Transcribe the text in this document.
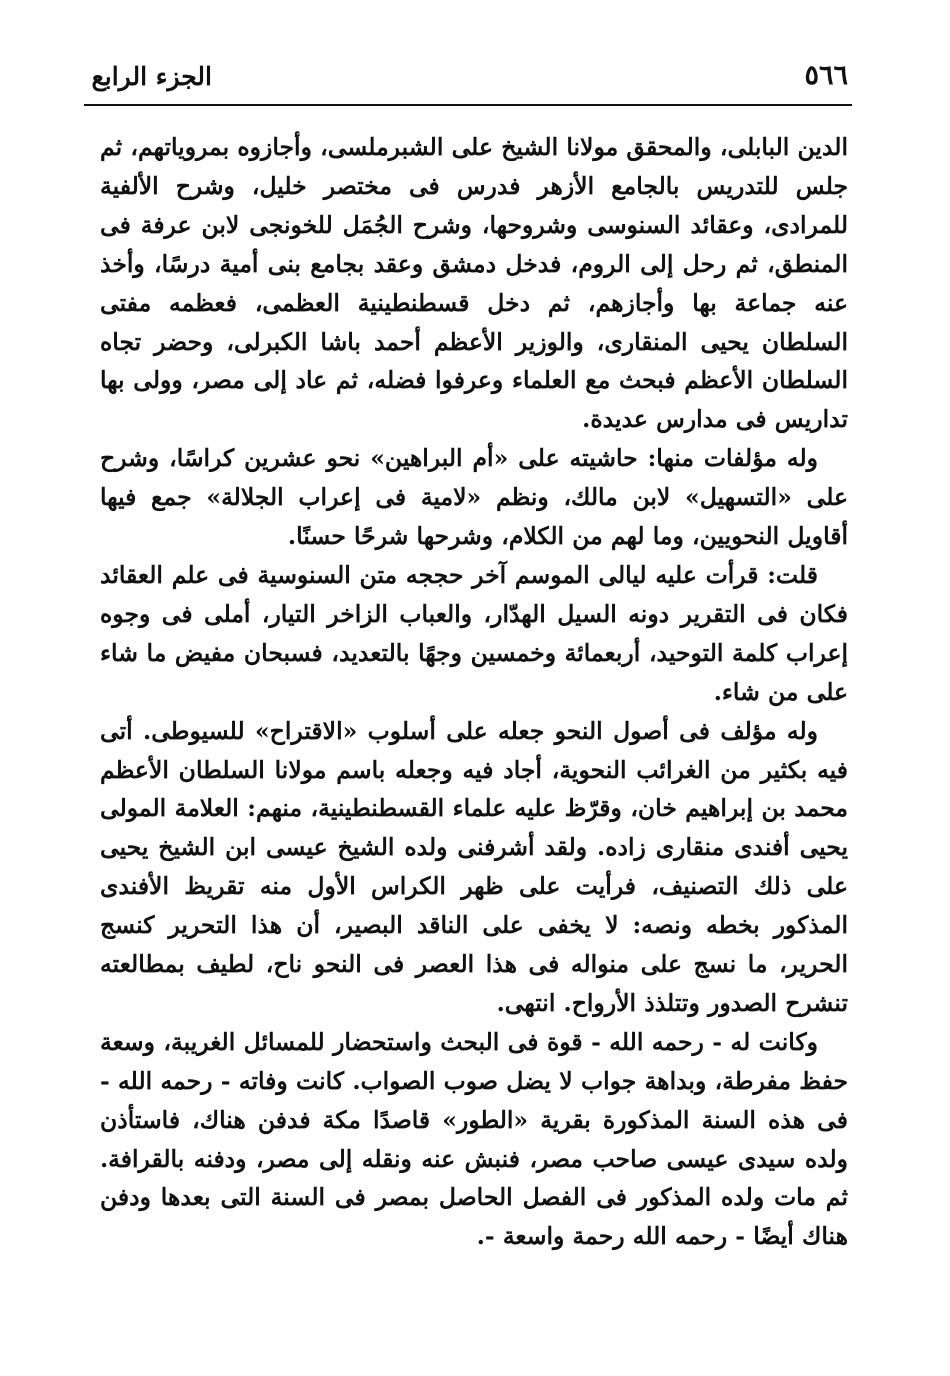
٥٦٦
الجزء الرابع

الدين البابلى، والمحقق مولانا الشيخ على الشبرملسى، وأجازوه بمروياتهم، ثم جلس للتدريس بالجامع الأزهر فدرس فى مختصر خليل، وشرح الألفية للمرادى، وعقائد السنوسى وشروحها، وشرح الجُمَل للخونجى لابن عرفة فى المنطق، ثم رحل إلى الروم، فدخل دمشق وعقد بجامع بنى أمية درسًا، وأخذ عنه جماعة بها وأجازهم، ثم دخل قسطنطينية العظمى، فعظمه مفتى السلطان يحيى المنقارى، والوزير الأعظم أحمد باشا الكبرلى، وحضر تجاه السلطان الأعظم فبحث مع العلماء وعرفوا فضله، ثم عاد إلى مصر، وولى بها تداريس فى مدارس عديدة.

وله مؤلفات منها: حاشيته على «أم البراهين» نحو عشرين كراسًا، وشرح على «التسهيل» لابن مالك، ونظم «لامية فى إعراب الجلالة» جمع فيها أقاويل النحويين، وما لهم من الكلام، وشرحها شرحًا حسنًا.

قلت: قرأت عليه ليالى الموسم آخر حججه متن السنوسية فى علم العقائد فكان فى التقرير دونه السيل الهدّار، والعباب الزاخر التيار، أملى فى وجوه إعراب كلمة التوحيد، أربعمائة وخمسين وجهًا بالتعديد، فسبحان مفيض ما شاء على من شاء.

وله مؤلف فى أصول النحو جعله على أسلوب «الاقتراح» للسيوطى. أتى فيه بكثير من الغرائب النحوية، أجاد فيه وجعله باسم مولانا السلطان الأعظم محمد بن إبراهيم خان، وقرّظ عليه علماء القسطنطينية، منهم: العلامة المولى يحيى أفندى منقارى زاده. ولقد أشرفنى ولده الشيخ عيسى ابن الشيخ يحيى على ذلك التصنيف، فرأيت على ظهر الكراس الأول منه تقريظ الأفندى المذكور بخطه ونصه: لا يخفى على الناقد البصير، أن هذا التحرير كنسج الحرير، ما نسج على منواله فى هذا العصر فى النحو ناح، لطيف بمطالعته تنشرح الصدور وتتلذذ الأرواح. انتهى.

وكانت له - رحمه الله - قوة فى البحث واستحضار للمسائل الغريبة، وسعة حفظ مفرطة، وبداهة جواب لا يضل صوب الصواب. كانت وفاته - رحمه الله - فى هذه السنة المذكورة بقرية «الطور» قاصدًا مكة فدفن هناك، فاستأذن ولده سيدى عيسى صاحب مصر، فنبش عنه ونقله إلى مصر، ودفنه بالقرافة. ثم مات ولده المذكور فى الفصل الحاصل بمصر فى السنة التى بعدها ودفن هناك أيضًا - رحمه الله رحمة واسعة -.
